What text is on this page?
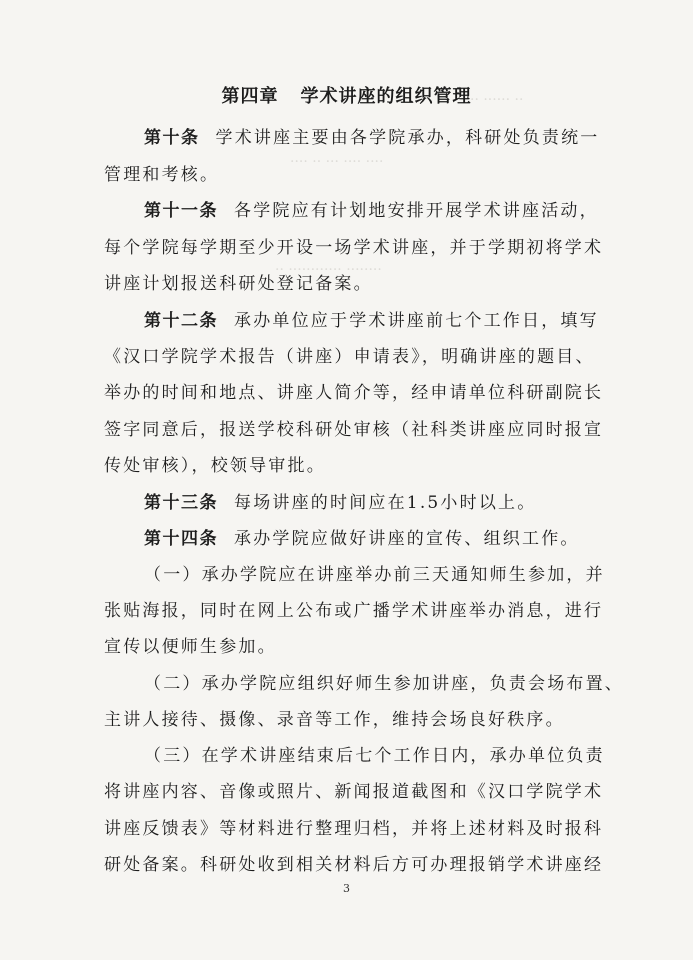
·· ······ ··
···· ·· ··· ···· ····
·· ············ ········
第四章 学术讲座的组织管理
第十条 学术讲座主要由各学院承办，科研处负责统一
管理和考核。
第十一条 各学院应有计划地安排开展学术讲座活动，
每个学院每学期至少开设一场学术讲座，并于学期初将学术
讲座计划报送科研处登记备案。
第十二条 承办单位应于学术讲座前七个工作日，填写
《汉口学院学术报告（讲座）申请表》，明确讲座的题目、
举办的时间和地点、讲座人简介等，经申请单位科研副院长
签字同意后，报送学校科研处审核（社科类讲座应同时报宣
传处审核），校领导审批。
第十三条 每场讲座的时间应在1.5小时以上。
第十四条 承办学院应做好讲座的宣传、组织工作。
（一）承办学院应在讲座举办前三天通知师生参加，并
张贴海报，同时在网上公布或广播学术讲座举办消息，进行
宣传以便师生参加。
（二）承办学院应组织好师生参加讲座，负责会场布置、
主讲人接待、摄像、录音等工作，维持会场良好秩序。
（三）在学术讲座结束后七个工作日内，承办单位负责
将讲座内容、音像或照片、新闻报道截图和《汉口学院学术
讲座反馈表》等材料进行整理归档，并将上述材料及时报科
研处备案。科研处收到相关材料后方可办理报销学术讲座经
3
